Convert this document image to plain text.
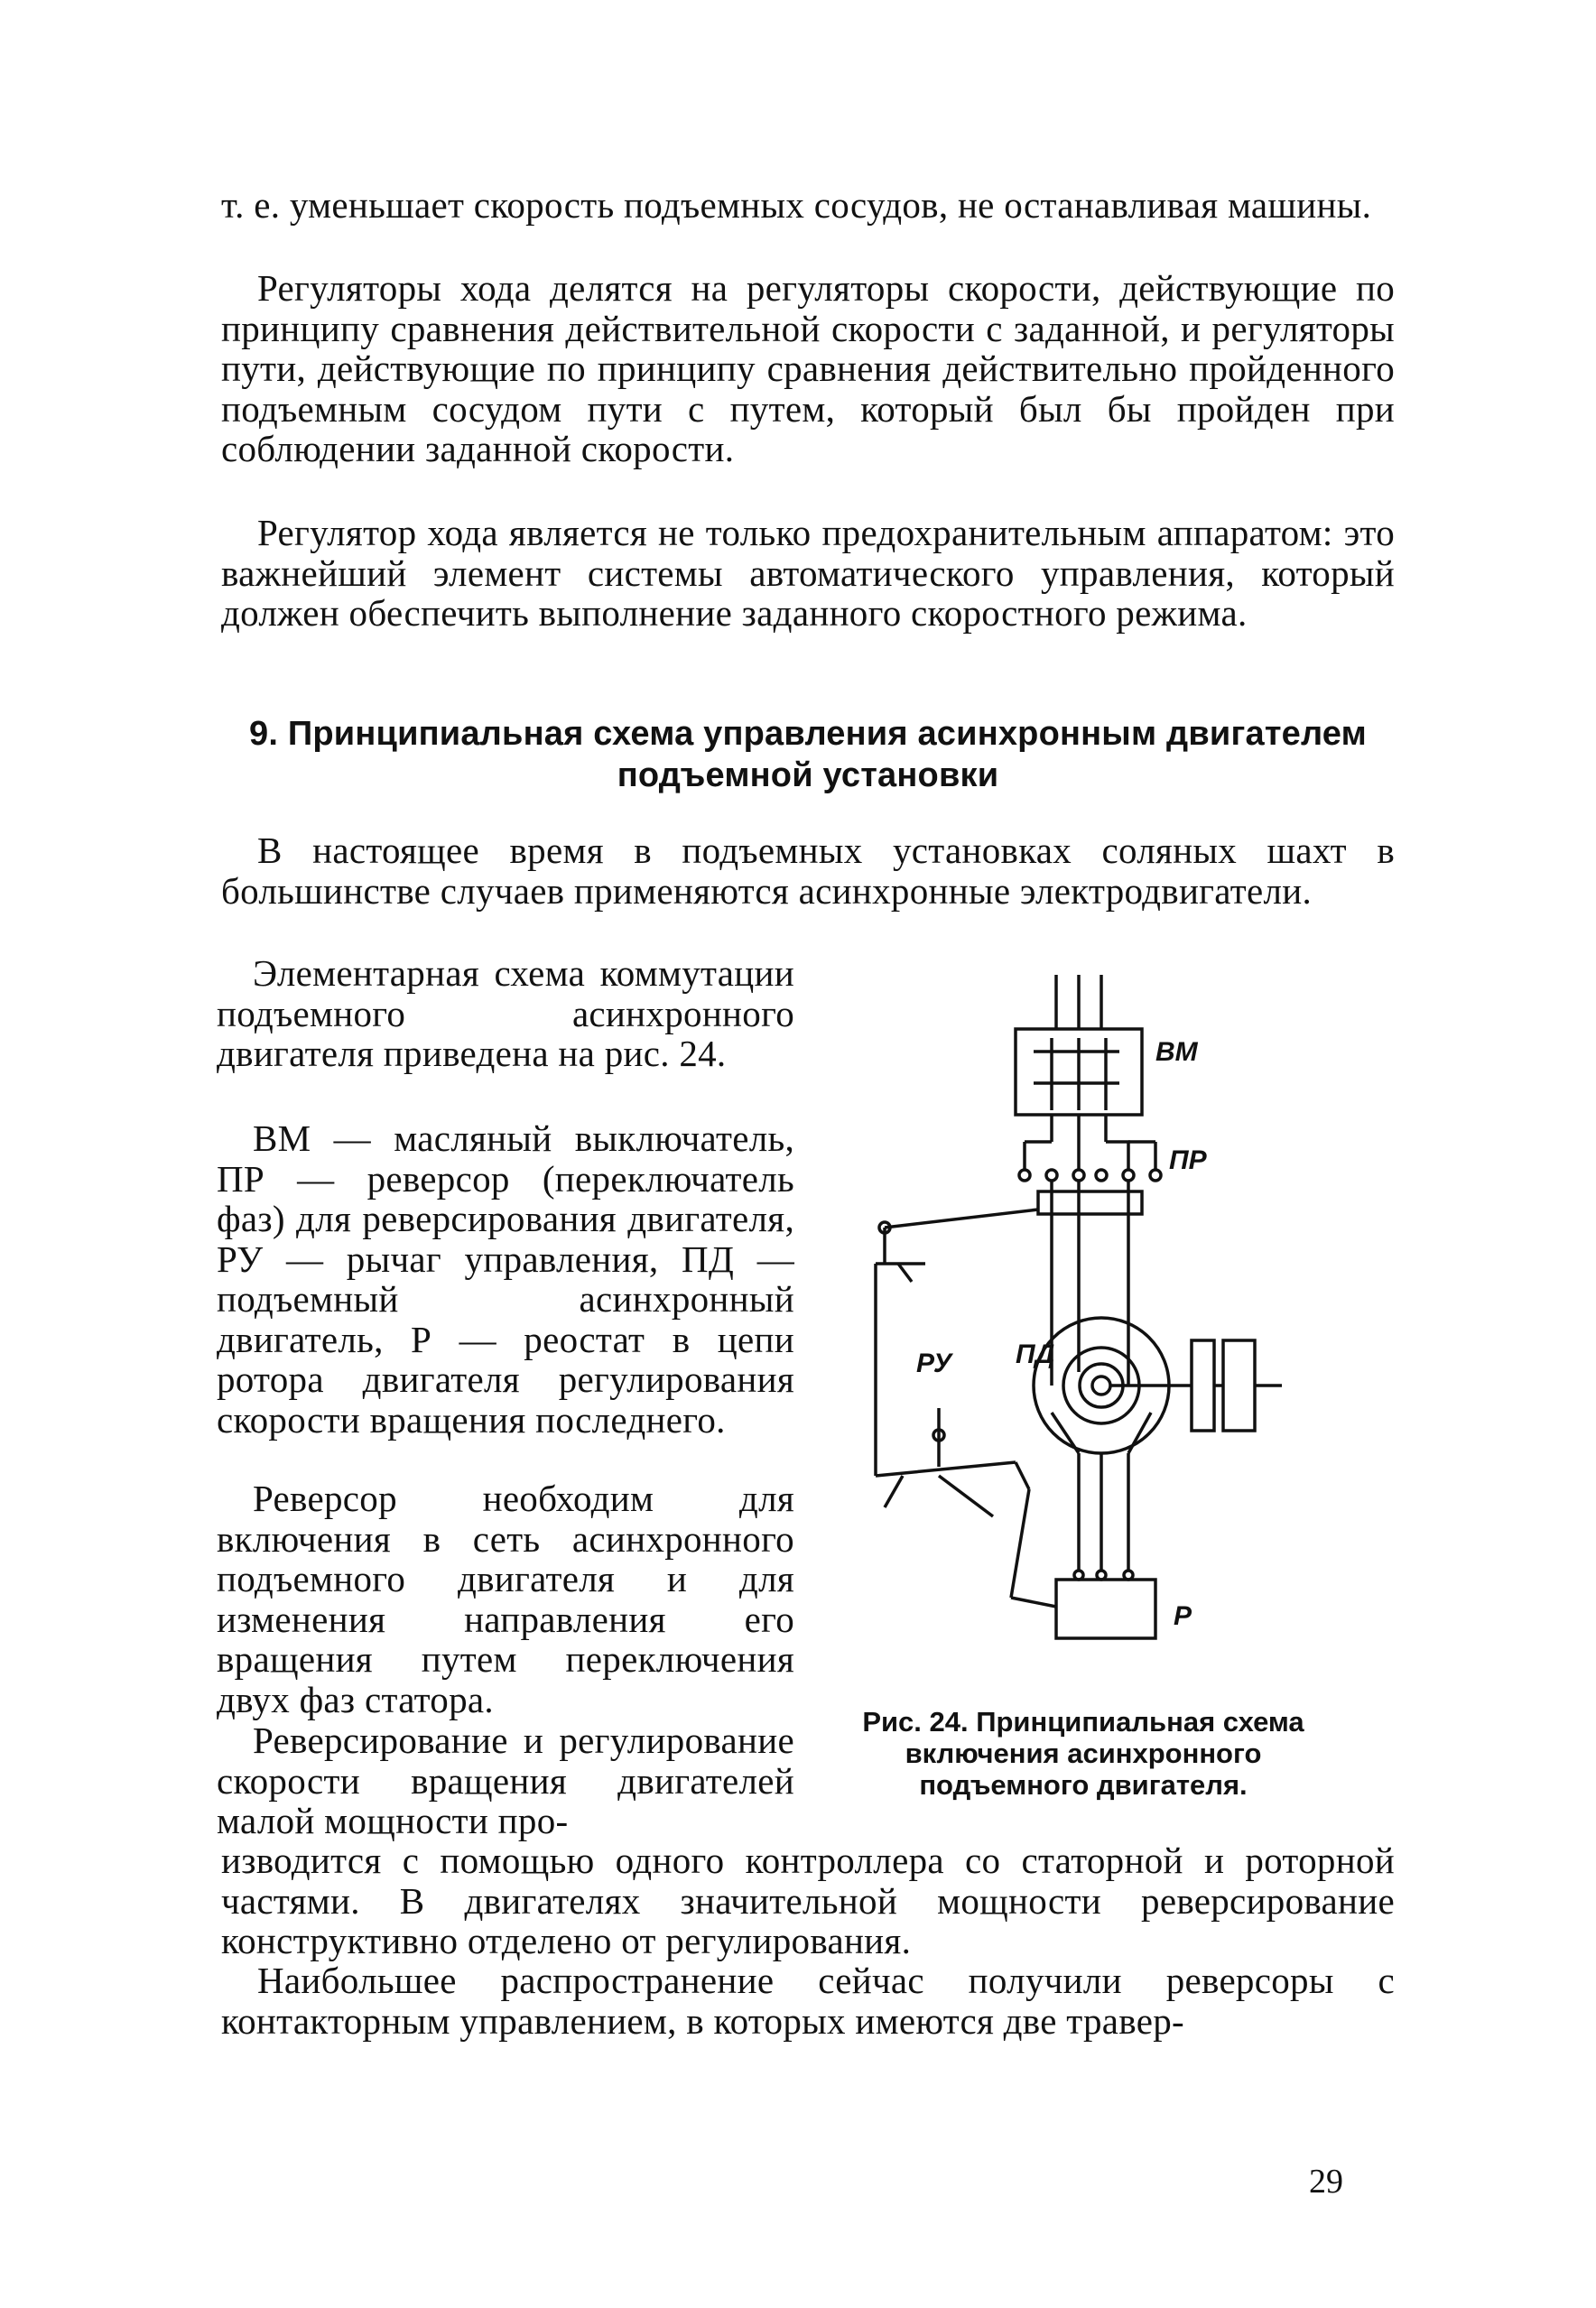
т. е. уменьшает скорость подъемных сосудов, не останавливая машины.

Регуляторы хода делятся на регуляторы скорости, действующие по принципу сравнения действительной скорости с заданной, и регуляторы пути, действующие по принципу сравнения действительно пройденного подъемным сосудом пути с путем, который был бы пройден при соблюдении заданной скорости.

Регулятор хода является не только предохранительным аппаратом: это важнейший элемент системы автоматического управления, который должен обеспечить выполнение заданного скоростного режима.

9. Принципиальная схема управления асинхронным двигателем
подъемной установки

В настоящее время в подъемных установках соляных шахт в большинстве случаев применяются асинхронные электродвигатели.

Элементарная схема коммутации подъемного асинхронного двигателя приведена на рис. 24.

ВМ — масляный выключатель, ПР — реверсор (переключатель фаз) для реверсирования двигателя, РУ — рычаг управления, ПД — подъемный асинхронный двигатель, Р — реостат в цепи ротора двигателя регулирования скорости вращения последнего.

Реверсор необходим для включения в сеть асинхронного подъемного двигателя и для изменения направления его вращения путем переключения двух фаз статора.

Реверсирование и регулирование скорости вращения двигателей малой мощности про-

изводится с помощью одного контроллера со статорной и роторной частями. В двигателях значительной мощности реверсирование конструктивно отделено от регулирования.

Наибольшее распространение сейчас получили реверсоры с контакторным управлением, в которых имеются две травер-

ВМ
ПР
РУ ПД
Р

Рис. 24. Принципиальная схема включения асинхронного подъемного двигателя.

29
